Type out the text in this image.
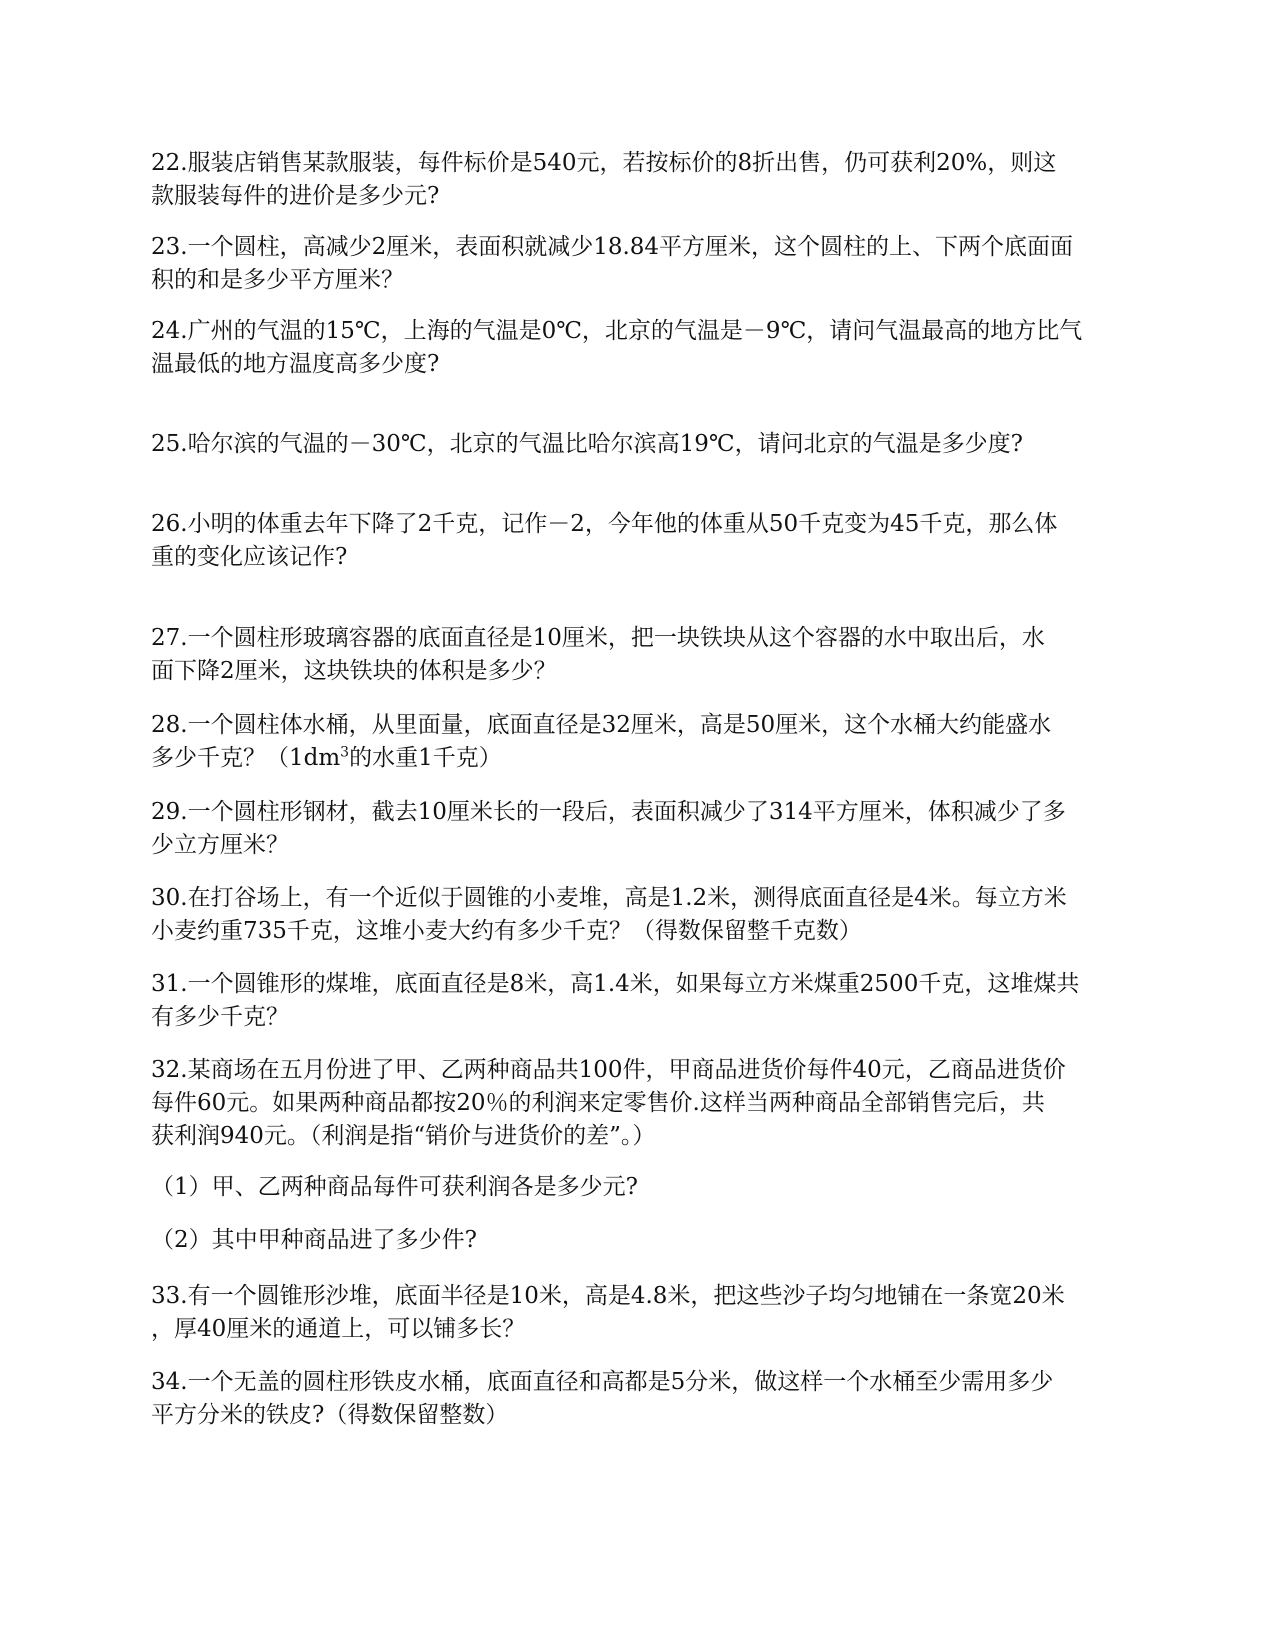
22.服装店销售某款服装，每件标价是540元，若按标价的8折出售，仍可获利20%，则这
款服装每件的进价是多少元?

23.一个圆柱，高减少2厘米，表面积就减少18.84平方厘米，这个圆柱的上、下两个底面面
积的和是多少平方厘米？

24.广州的气温的15℃，上海的气温是0℃，北京的气温是－9℃，请问气温最高的地方比气
温最低的地方温度高多少度?

25.哈尔滨的气温的－30℃，北京的气温比哈尔滨高19℃，请问北京的气温是多少度?

26.小明的体重去年下降了2千克，记作－2，今年他的体重从50千克变为45千克，那么体
重的变化应该记作?

27.一个圆柱形玻璃容器的底面直径是10厘米，把一块铁块从这个容器的水中取出后，水
面下降2厘米，这块铁块的体积是多少？

28.一个圆柱体水桶，从里面量，底面直径是32厘米，高是50厘米，这个水桶大约能盛水
多少千克？（$1dm^3$的水重1千克）

29.一个圆柱形钢材，截去10厘米长的一段后，表面积减少了314平方厘米，体积减少了多
少立方厘米？

30.在打谷场上，有一个近似于圆锥的小麦堆，高是1.2米，测得底面直径是4米。每立方米
小麦约重735千克，这堆小麦大约有多少千克？（得数保留整千克数）

31.一个圆锥形的煤堆，底面直径是8米，高1.4米，如果每立方米煤重2500千克，这堆煤共
有多少千克？

32.某商场在五月份进了甲、乙两种商品共100件，甲商品进货价每件40元，乙商品进货价
每件60元。如果两种商品都按20％的利润来定零售价.这样当两种商品全部销售完后，共
获利润940元。（利润是指“销价与进货价的差”。）

（1）甲、乙两种商品每件可获利润各是多少元?

（2）其中甲种商品进了多少件?

33.有一个圆锥形沙堆，底面半径是10米，高是4.8米，把这些沙子均匀地铺在一条宽20米
，厚40厘米的通道上，可以铺多长？

34.一个无盖的圆柱形铁皮水桶，底面直径和高都是5分米，做这样一个水桶至少需用多少
平方分米的铁皮?（得数保留整数）
